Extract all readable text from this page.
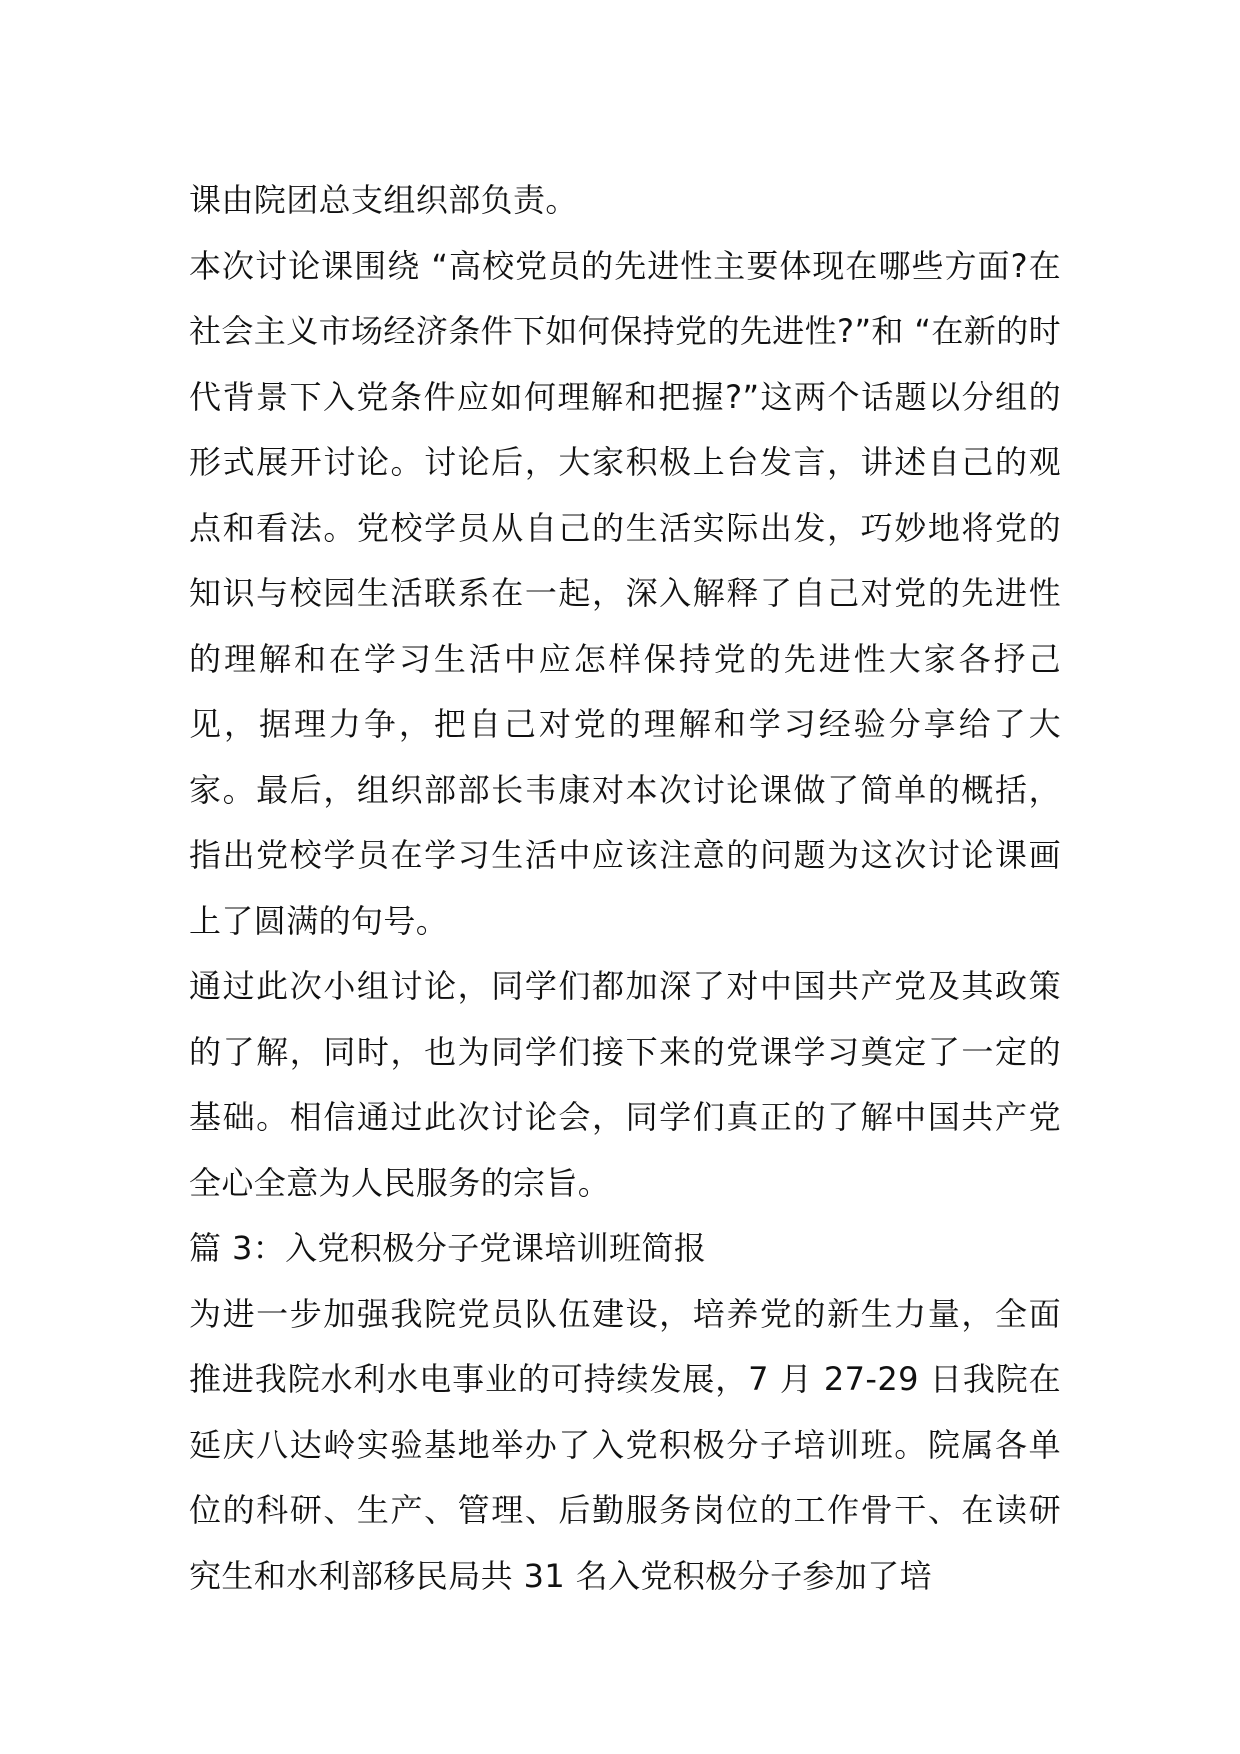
课由院团总支组织部负责。

本次讨论课围绕 “高校党员的先进性主要体现在哪些方面?在社会主义市场经济条件下如何保持党的先进性?”和 “在新的时代背景下入党条件应如何理解和把握?”这两个话题以分组的形式展开讨论。讨论后，大家积极上台发言，讲述自己的观点和看法。党校学员从自己的生活实际出发，巧妙地将党的知识与校园生活联系在一起，深入解释了自己对党的先进性的理解和在学习生活中应怎样保持党的先进性大家各抒己见，据理力争，把自己对党的理解和学习经验分享给了大家。最后，组织部部长韦康对本次讨论课做了简单的概括，指出党校学员在学习生活中应该注意的问题为这次讨论课画上了圆满的句号。

通过此次小组讨论，同学们都加深了对中国共产党及其政策的了解，同时，也为同学们接下来的党课学习奠定了一定的基础。相信通过此次讨论会，同学们真正的了解中国共产党全心全意为人民服务的宗旨。

篇 3：入党积极分子党课培训班简报

为进一步加强我院党员队伍建设，培养党的新生力量，全面推进我院水利水电事业的可持续发展，7 月 27-29 日我院在延庆八达岭实验基地举办了入党积极分子培训班。院属各单位的科研、生产、管理、后勤服务岗位的工作骨干、在读研究生和水利部移民局共 31 名入党积极分子参加了培
